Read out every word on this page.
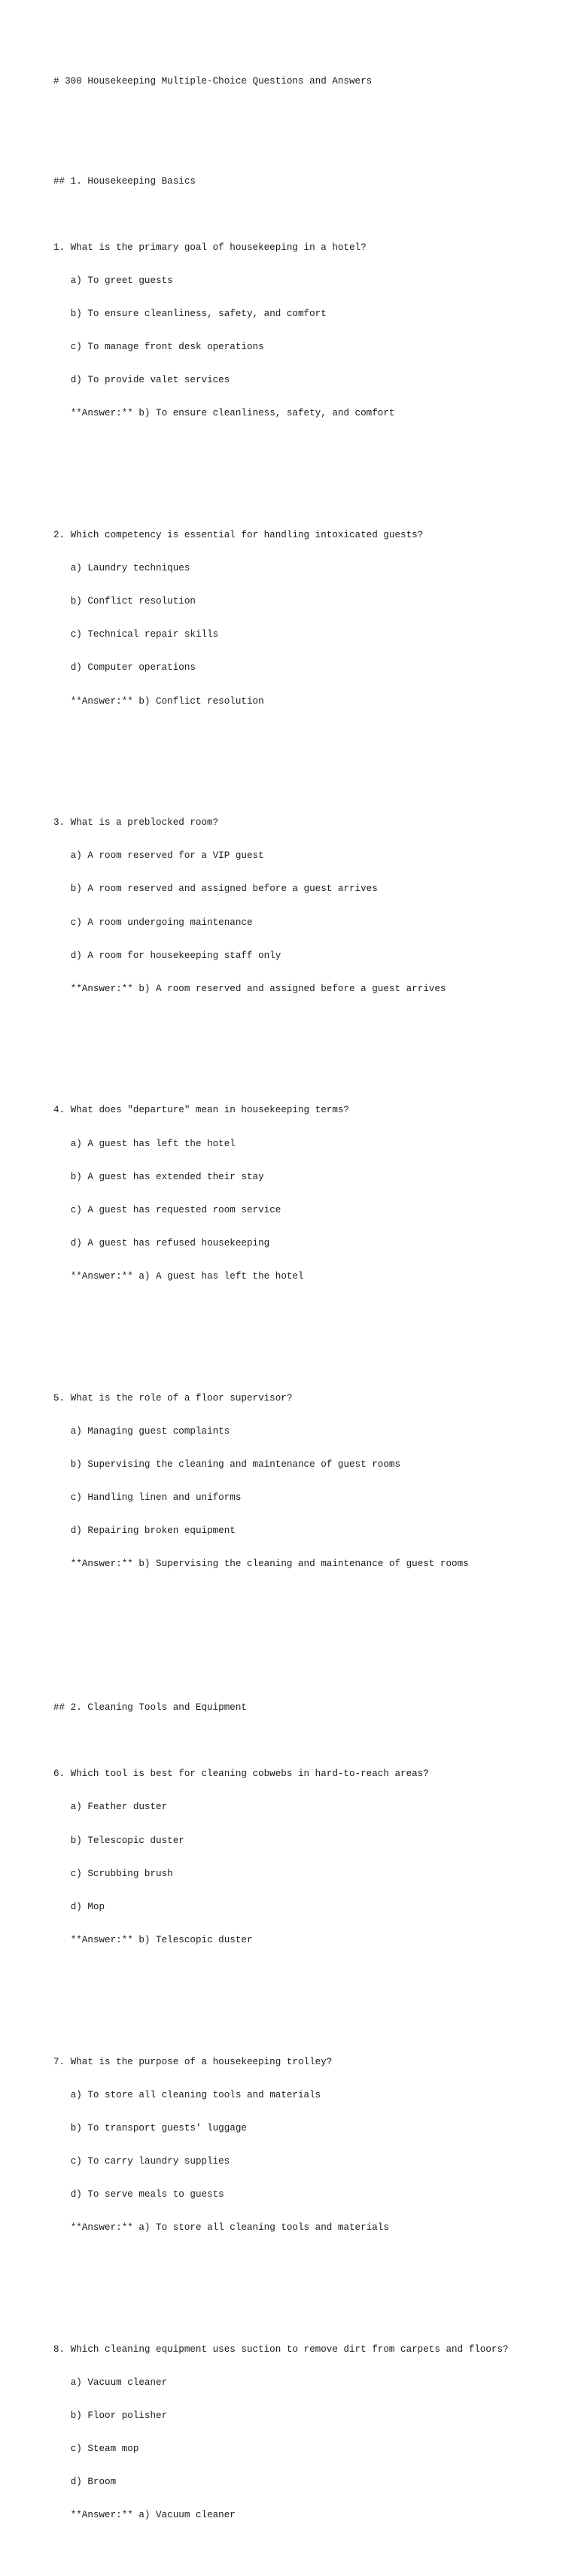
# 300 Housekeeping Multiple-Choice Questions and Answers

## 1. Housekeeping Basics

1. What is the primary goal of housekeeping in a hotel?

a) To greet guests

b) To ensure cleanliness, safety, and comfort

c) To manage front desk operations

d) To provide valet services

**Answer:** b) To ensure cleanliness, safety, and comfort

2. Which competency is essential for handling intoxicated guests?

a) Laundry techniques

b) Conflict resolution

c) Technical repair skills

d) Computer operations

**Answer:** b) Conflict resolution

3. What is a preblocked room?

a) A room reserved for a VIP guest

b) A room reserved and assigned before a guest arrives

c) A room undergoing maintenance

d) A room for housekeeping staff only

**Answer:** b) A room reserved and assigned before a guest arrives

4. What does "departure" mean in housekeeping terms?

a) A guest has left the hotel

b) A guest has extended their stay

c) A guest has requested room service

d) A guest has refused housekeeping

**Answer:** a) A guest has left the hotel

5. What is the role of a floor supervisor?

a) Managing guest complaints

b) Supervising the cleaning and maintenance of guest rooms

c) Handling linen and uniforms

d) Repairing broken equipment

**Answer:** b) Supervising the cleaning and maintenance of guest rooms

## 2. Cleaning Tools and Equipment

6. Which tool is best for cleaning cobwebs in hard-to-reach areas?

a) Feather duster

b) Telescopic duster

c) Scrubbing brush

d) Mop

**Answer:** b) Telescopic duster

7. What is the purpose of a housekeeping trolley?

a) To store all cleaning tools and materials

b) To transport guests' luggage

c) To carry laundry supplies

d) To serve meals to guests

**Answer:** a) To store all cleaning tools and materials

8. Which cleaning equipment uses suction to remove dirt from carpets and floors?

a) Vacuum cleaner

b) Floor polisher

c) Steam mop

d) Broom

**Answer:** a) Vacuum cleaner
